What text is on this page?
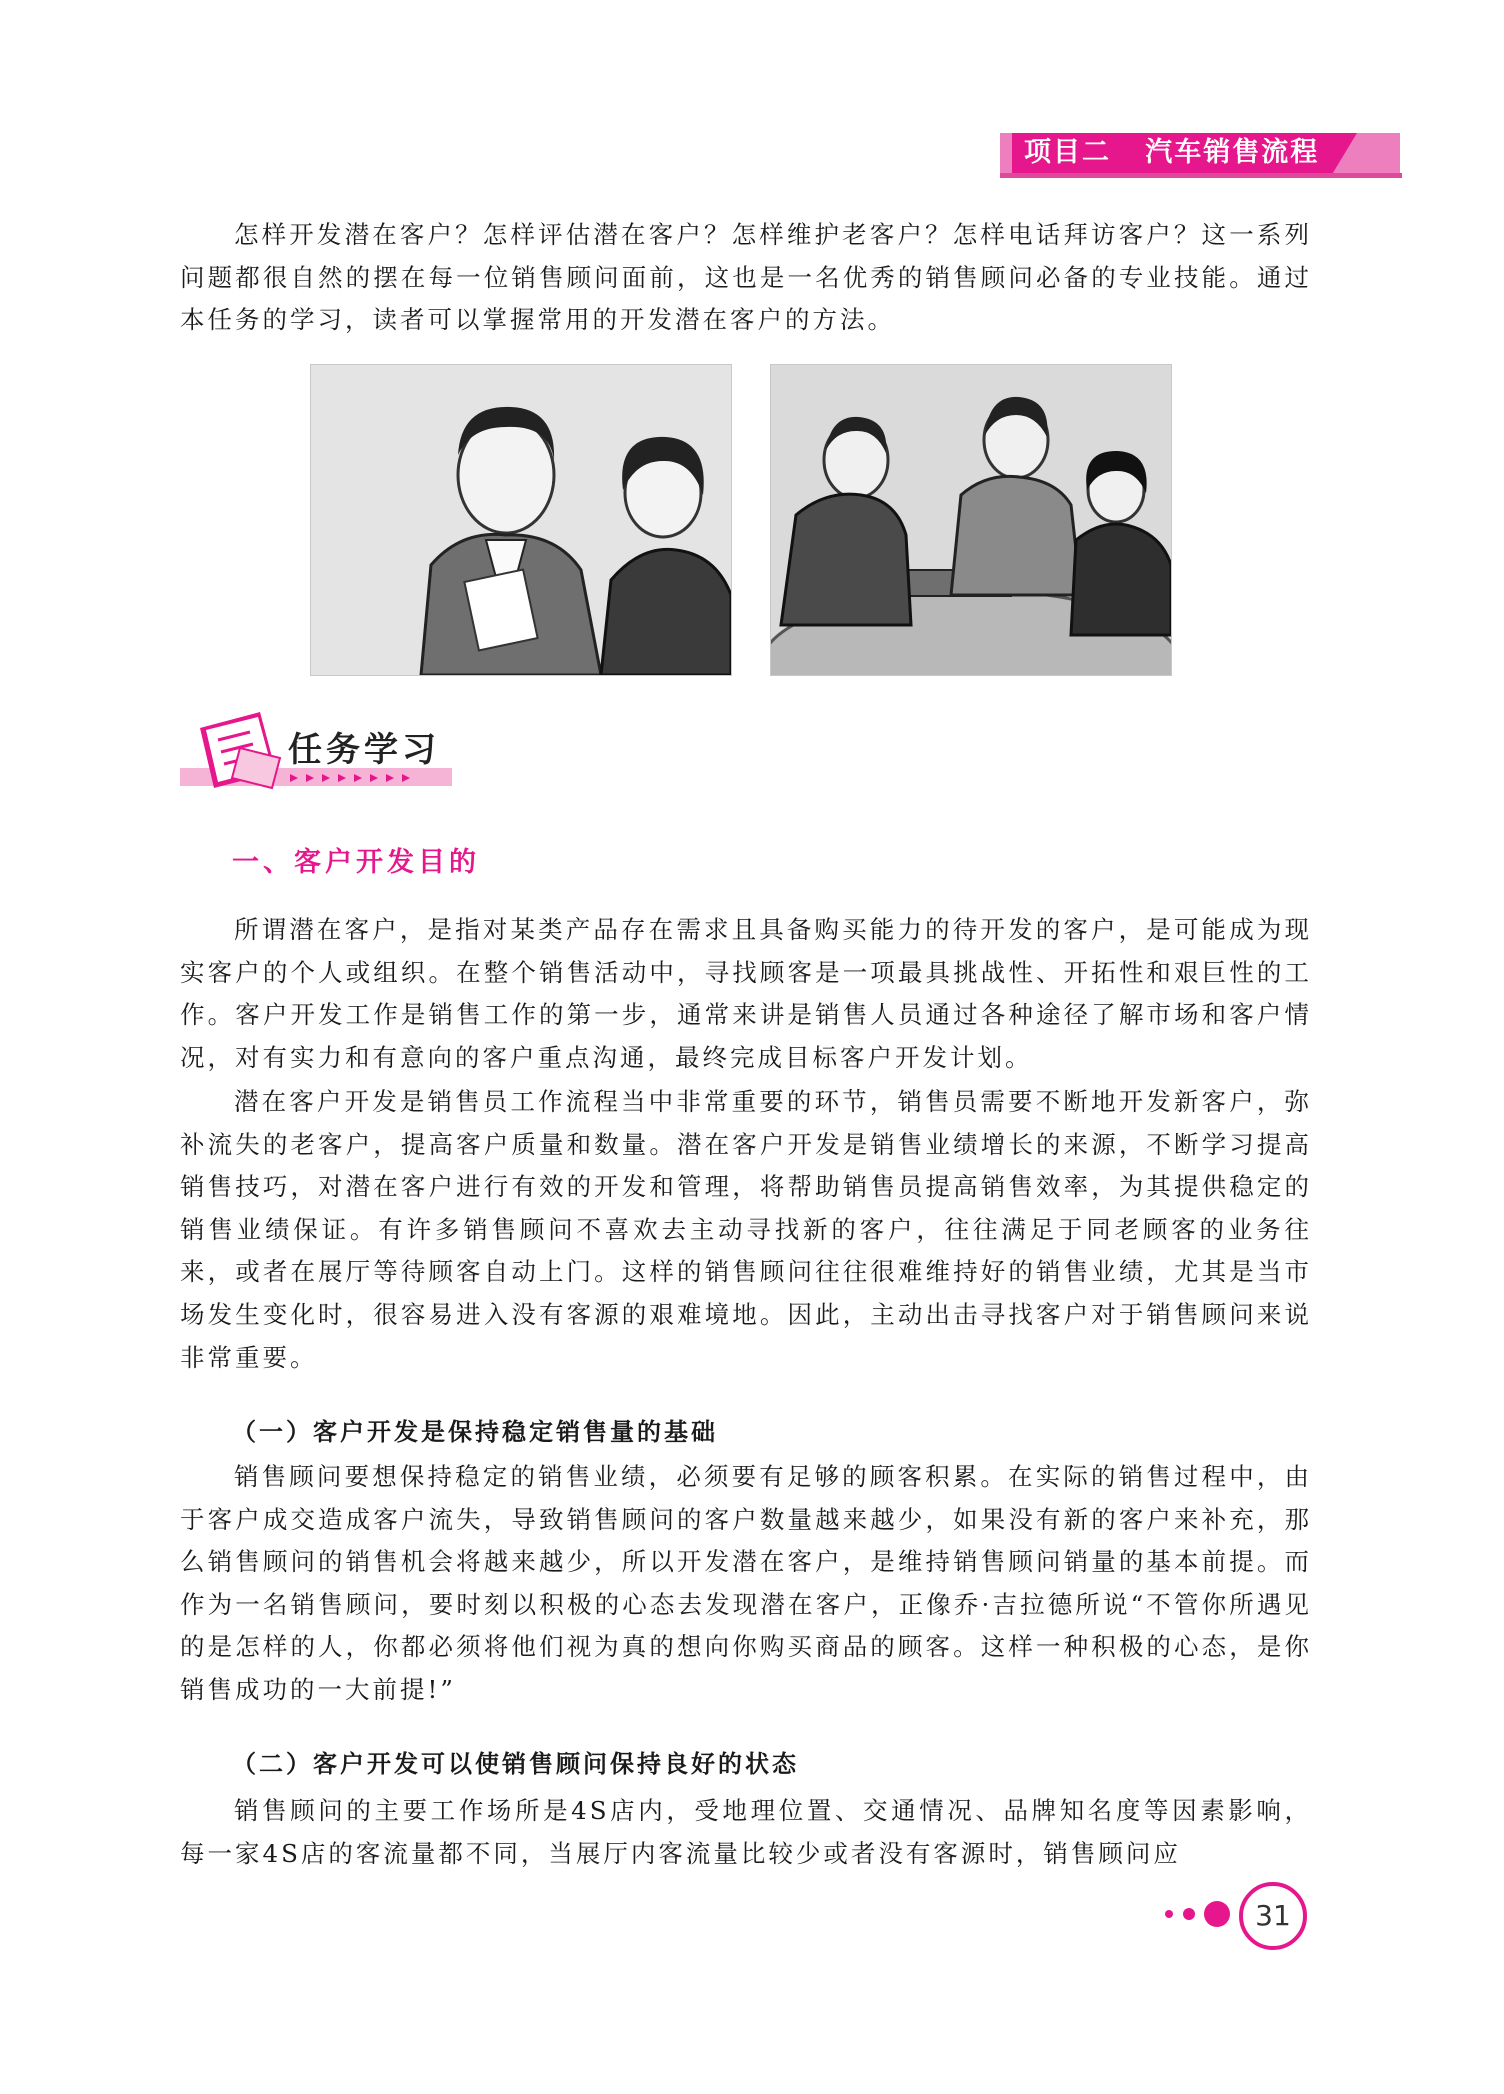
项目二   汽车销售流程

怎样开发潜在客户？怎样评估潜在客户？怎样维护老客户？怎样电话拜访客户？这一系列问题都很自然的摆在每一位销售顾问面前，这也是一名优秀的销售顾问必备的专业技能。通过本任务的学习，读者可以掌握常用的开发潜在客户的方法。

任务学习
一、客户开发目的

所谓潜在客户，是指对某类产品存在需求且具备购买能力的待开发的客户，是可能成为现实客户的个人或组织。在整个销售活动中，寻找顾客是一项最具挑战性、开拓性和艰巨性的工作。客户开发工作是销售工作的第一步，通常来讲是销售人员通过各种途径了解市场和客户情况，对有实力和有意向的客户重点沟通，最终完成目标客户开发计划。

潜在客户开发是销售员工作流程当中非常重要的环节，销售员需要不断地开发新客户，弥补流失的老客户，提高客户质量和数量。潜在客户开发是销售业绩增长的来源，不断学习提高销售技巧，对潜在客户进行有效的开发和管理，将帮助销售员提高销售效率，为其提供稳定的销售业绩保证。有许多销售顾问不喜欢去主动寻找新的客户，往往满足于同老顾客的业务往来，或者在展厅等待顾客自动上门。这样的销售顾问往往很难维持好的销售业绩，尤其是当市场发生变化时，很容易进入没有客源的艰难境地。因此，主动出击寻找客户对于销售顾问来说非常重要。

（一）客户开发是保持稳定销售量的基础

销售顾问要想保持稳定的销售业绩，必须要有足够的顾客积累。在实际的销售过程中，由于客户成交造成客户流失，导致销售顾问的客户数量越来越少，如果没有新的客户来补充，那么销售顾问的销售机会将越来越少，所以开发潜在客户，是维持销售顾问销量的基本前提。而作为一名销售顾问，要时刻以积极的心态去发现潜在客户，正像乔·吉拉德所说“不管你所遇见的是怎样的人，你都必须将他们视为真的想向你购买商品的顾客。这样一种积极的心态，是你销售成功的一大前提!”

（二）客户开发可以使销售顾问保持良好的状态

销售顾问的主要工作场所是4S店内，受地理位置、交通情况、品牌知名度等因素影响，每一家4S店的客流量都不同，当展厅内客流量比较少或者没有客源时，销售顾问应

31
